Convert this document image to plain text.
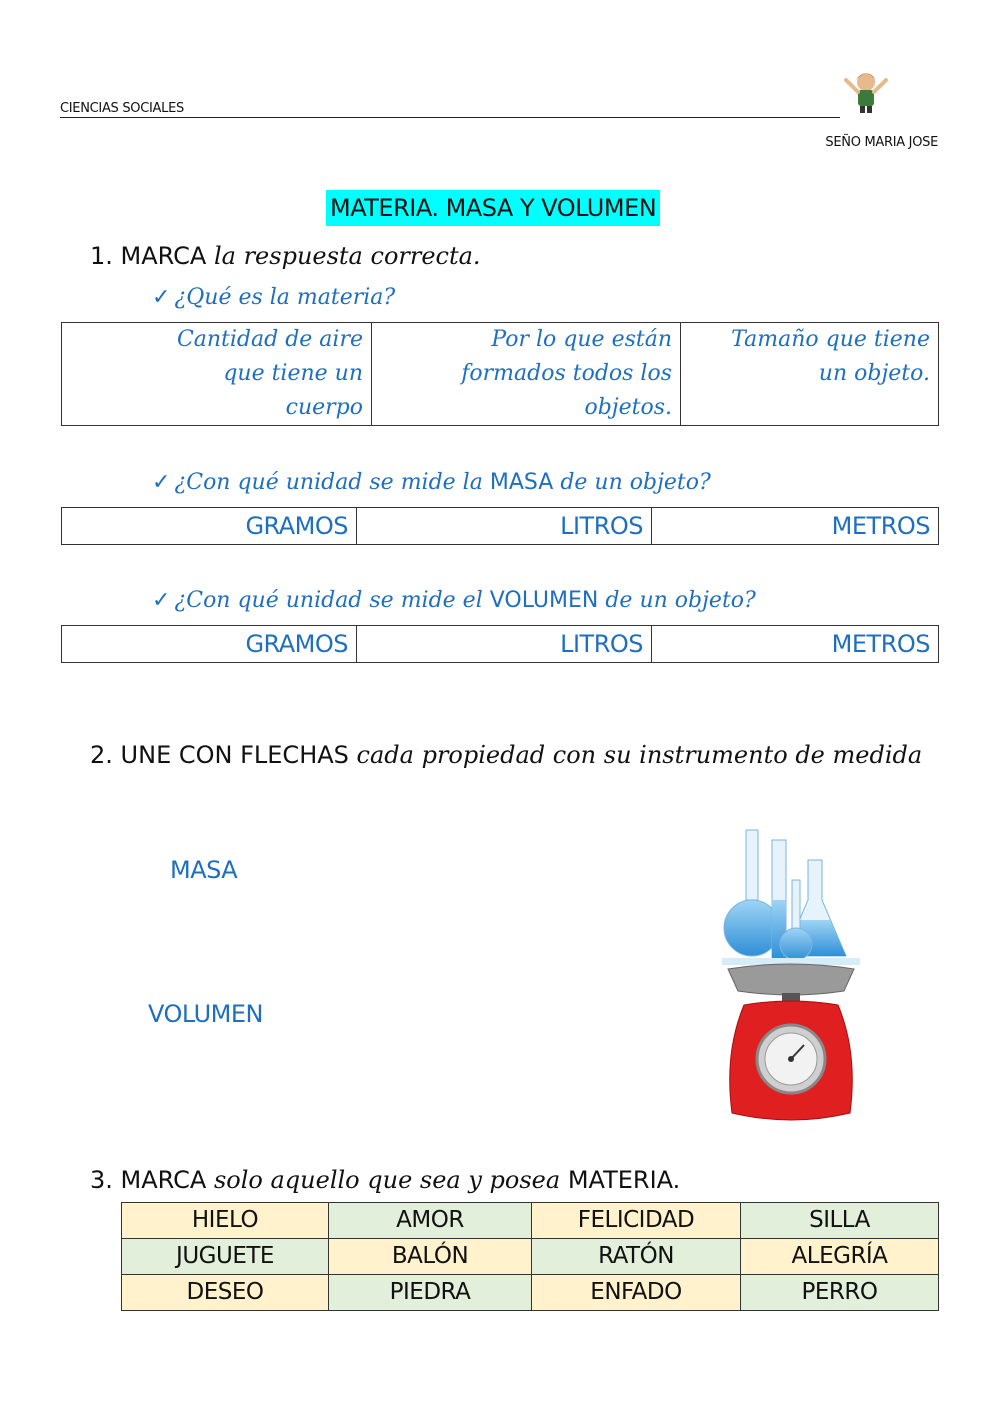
CIENCIAS SOCIALES
SEÑO MARIA JOSE
MATERIA. MASA Y VOLUMEN
1. MARCA la respuesta correcta.
✓ ¿Qué es la materia?
Cantidad de aire
que tiene un
cuerpo

Por lo que están
formados todos los
objetos.

Tamaño que tiene
un objeto.
✓ ¿Con qué unidad se mide la MASA de un objeto?
GRAMOS	LITROS	METROS
✓ ¿Con qué unidad se mide el VOLUMEN de un objeto?
GRAMOS	LITROS	METROS
2. UNE CON FLECHAS cada propiedad con su instrumento de medida
MASA
VOLUMEN
3. MARCA solo aquello que sea y posea MATERIA.
HIELO	AMOR	FELICIDAD	SILLA
JUGUETE	BALÓN	RATÓN	ALEGRÍA
DESEO	PIEDRA	ENFADO	PERRO
